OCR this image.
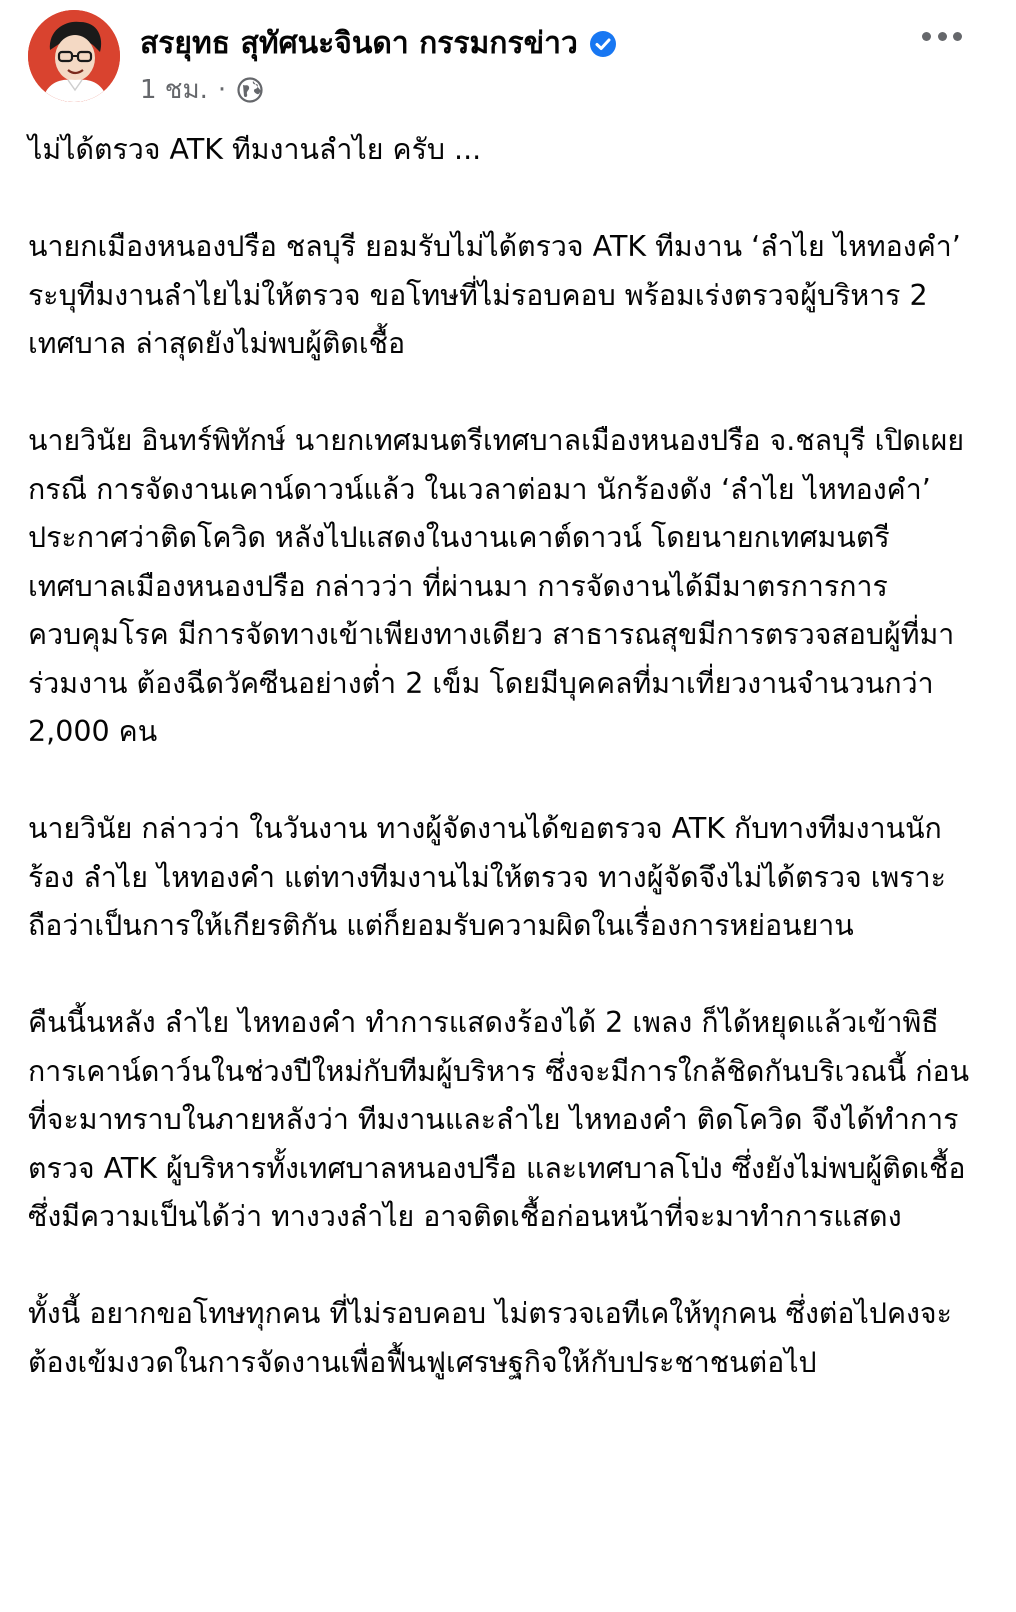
สรยุทธ สุทัศนะจินดา กรรมกรข่าว
1 ชม. ·

ไม่ได้ตรวจ ATK ทีมงานลำไย ครับ ...

นายกเมืองหนองปรือ ชลบุรี ยอมรับไม่ได้ตรวจ ATK ทีมงาน ‘ลำไย ไหทองคำ’ ระบุทีมงานลำไยไม่ให้ตรวจ ขอโทษที่ไม่รอบคอบ พร้อมเร่งตรวจผู้บริหาร 2 เทศบาล ล่าสุดยังไม่พบผู้ติดเชื้อ

นายวินัย อินทร์พิทักษ์ นายกเทศมนตรีเทศบาลเมืองหนองปรือ จ.ชลบุรี เปิดเผยกรณี การจัดงานเคาน์ดาวน์แล้ว ในเวลาต่อมา นักร้องดัง ‘ลำไย ไหทองคำ’ ประกาศว่าติดโควิด หลังไปแสดงในงานเคาต์ดาวน์ โดยนายกเทศมนตรีเทศบาลเมืองหนองปรือ กล่าวว่า ที่ผ่านมา การจัดงานได้มีมาตรการการควบคุมโรค มีการจัดทางเข้าเพียงทางเดียว สาธารณสุขมีการตรวจสอบผู้ที่มาร่วมงาน ต้องฉีดวัคซีนอย่างต่ำ 2 เข็ม โดยมีบุคคลที่มาเที่ยวงานจำนวนกว่า 2,000 คน

นายวินัย กล่าวว่า ในวันงาน ทางผู้จัดงานได้ขอตรวจ ATK กับทางทีมงานนักร้อง ลำไย ไหทองคำ แต่ทางทีมงานไม่ให้ตรวจ ทางผู้จัดจึงไม่ได้ตรวจ เพราะถือว่าเป็นการให้เกียรติกัน แต่ก็ยอมรับความผิดในเรื่องการหย่อนยาน

คืนนี้นหลัง ลำไย ไหทองคำ ทำการแสดงร้องได้ 2 เพลง ก็ได้หยุดแล้วเข้าพิธีการเคาน์ดาว์นในช่วงปีใหม่กับทีมผู้บริหาร ซึ่งจะมีการใกล้ชิดกันบริเวณนี้ ก่อนที่จะมาทราบในภายหลังว่า ทีมงานและลำไย ไหทองคำ ติดโควิด จึงได้ทำการตรวจ ATK ผู้บริหารทั้งเทศบาลหนองปรือ และเทศบาลโป่ง ซึ่งยังไม่พบผู้ติดเชื้อ ซึ่งมีความเป็นได้ว่า ทางวงลำไย อาจติดเชื้อก่อนหน้าที่จะมาทำการแสดง

ทั้งนี้ อยากขอโทษทุกคน ที่ไม่รอบคอบ ไม่ตรวจเอทีเคให้ทุกคน ซึ่งต่อไปคงจะต้องเข้มงวดในการจัดงานเพื่อฟื้นฟูเศรษฐกิจให้กับประชาชนต่อไป
